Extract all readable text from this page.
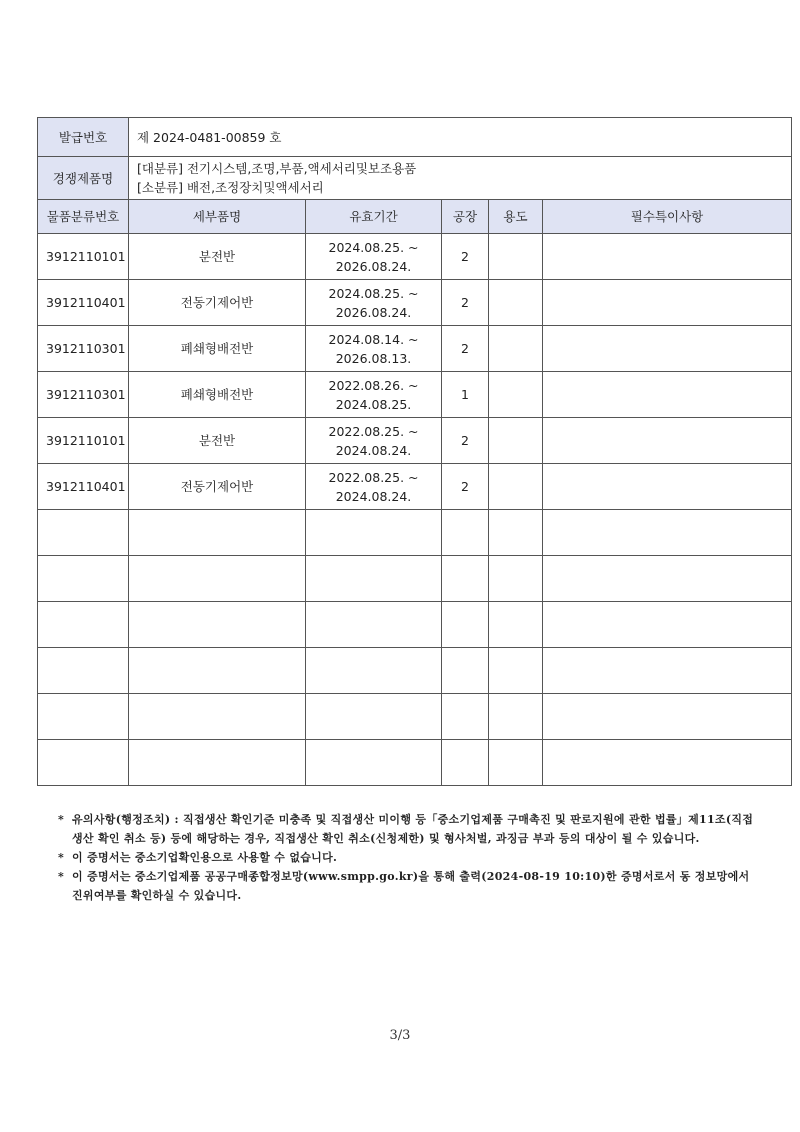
발급번호	제 2024-0481-00859 호				
경쟁제품명	[대분류] 전기시스템,조명,부품,액세서리및보조용품
[소분류] 배전,조정장치및액세서리				

물품분류번호	세부품명	유효기간	공장	용도	필수특이사항

3912110101	분전반	2024.08.25. ~
2026.08.24.	2		

3912110401	전동기제어반	2024.08.25. ~
2026.08.24.	2		

3912110301	폐쇄형배전반	2024.08.14. ~
2026.08.13.	2		

3912110301	폐쇄형배전반	2022.08.26. ~
2024.08.25.	1		

3912110101	분전반	2022.08.25. ~
2024.08.24.	2		

3912110401	전동기제어반	2022.08.25. ~
2024.08.24.	2		

* 유의사항(행정조치) : 직접생산 확인기준 미충족 및 직접생산 미이행 등「중소기업제품 구매촉진 및 판로지원에 관한 법률」제11조(직접생산 확인 취소 등) 등에 해당하는 경우, 직접생산 확인 취소(신청제한) 및 형사처벌, 과징금 부과 등의 대상이 될 수 있습니다.
* 이 증명서는 중소기업확인용으로 사용할 수 없습니다.
* 이 증명서는 중소기업제품 공공구매종합정보망(www.smpp.go.kr)을 통해 출력(2024-08-19 10:10)한 증명서로서 동 정보망에서 진위여부를 확인하실 수 있습니다.
3/3
